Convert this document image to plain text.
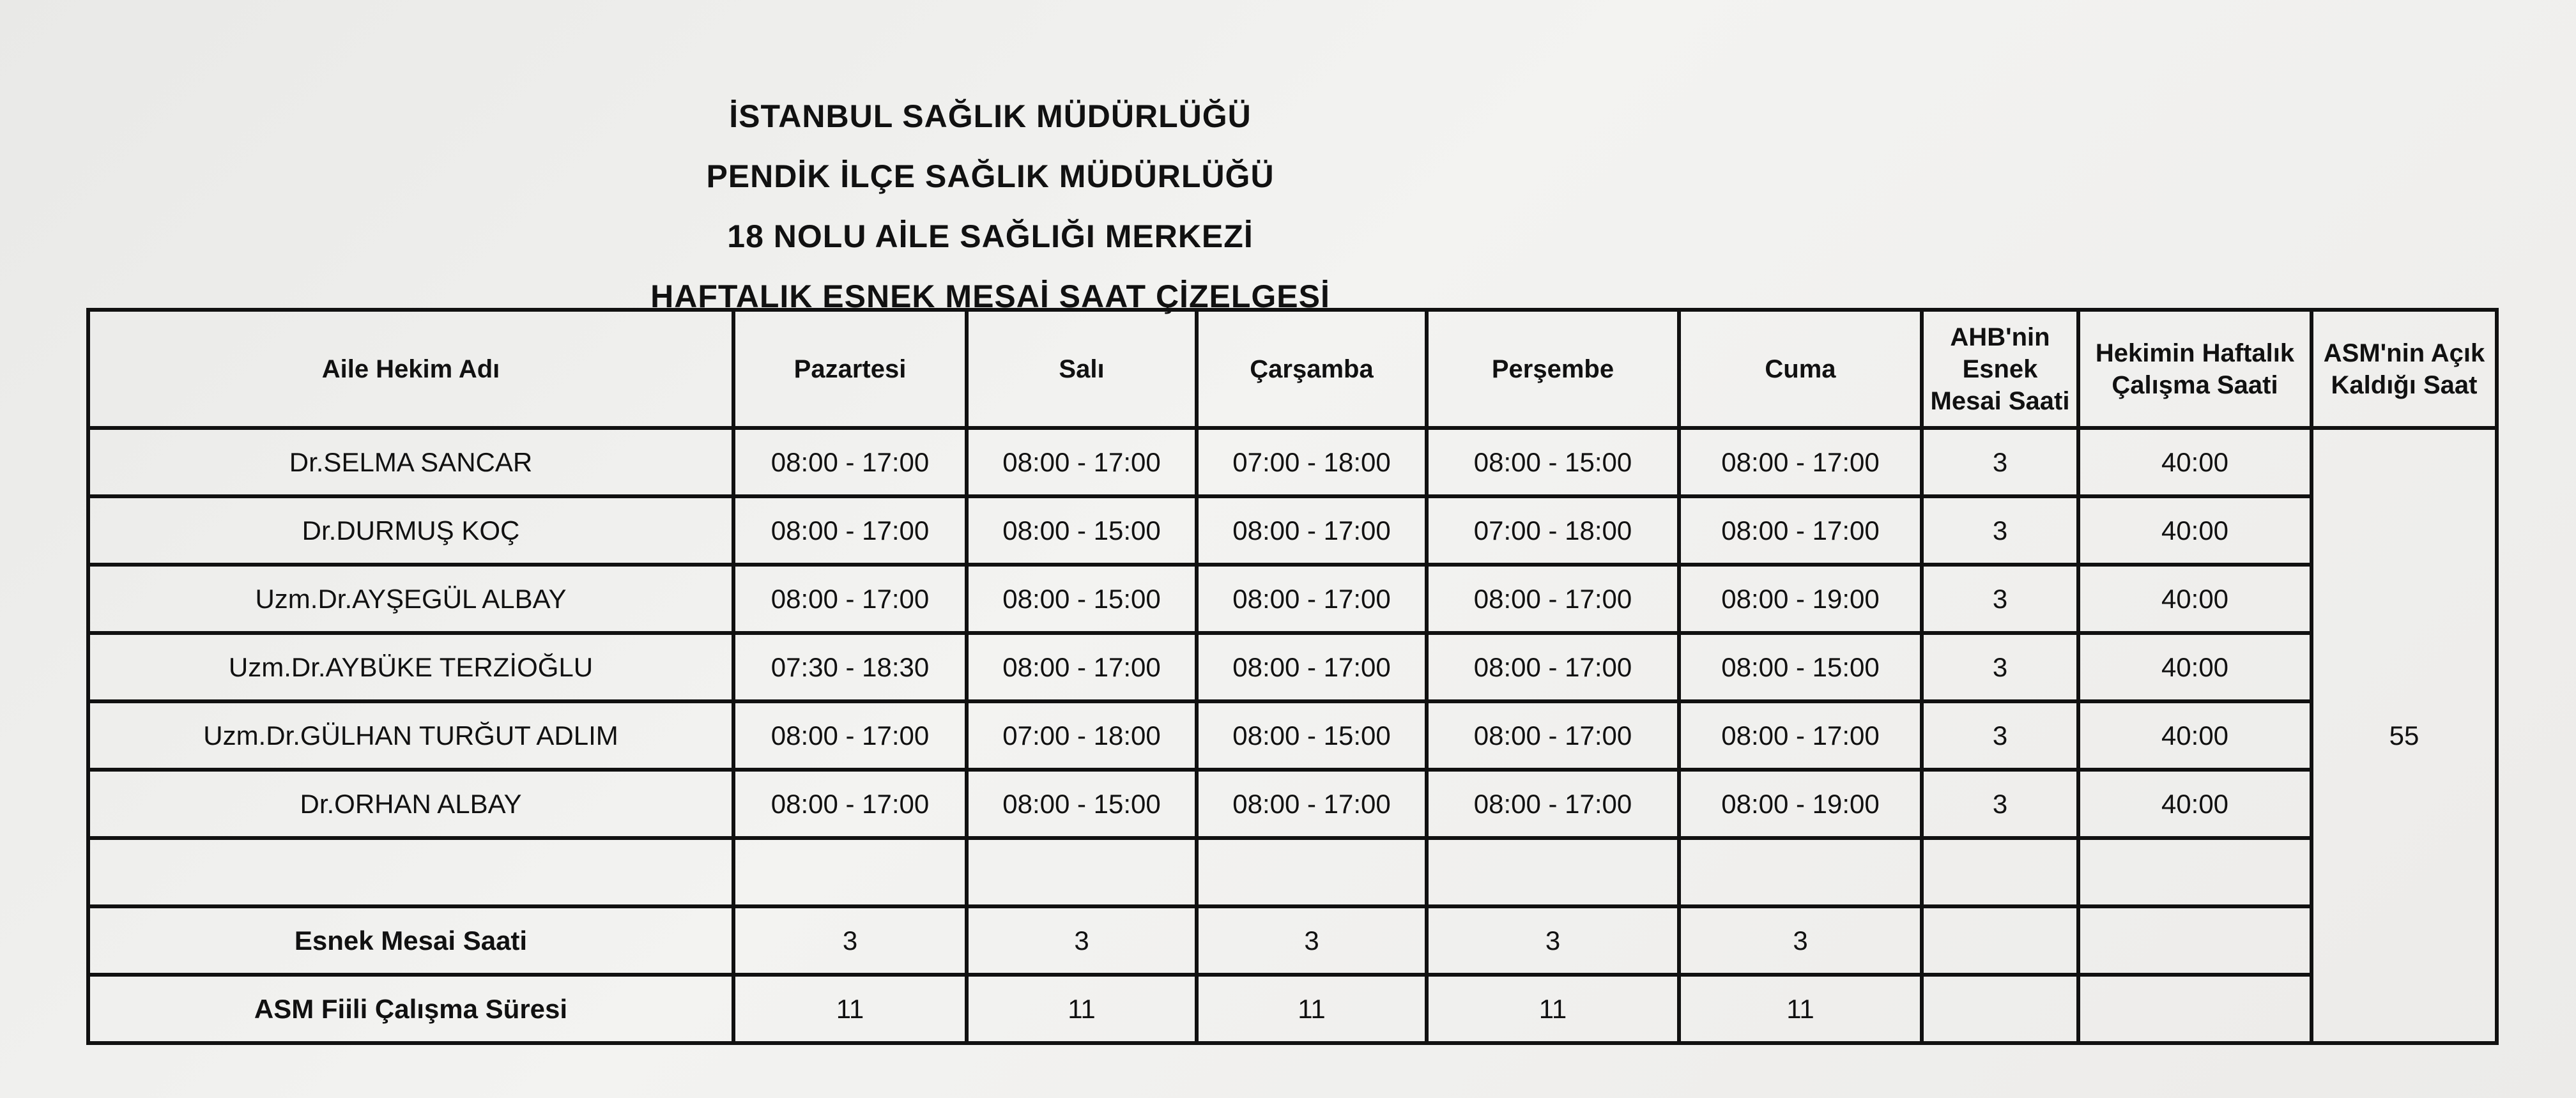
İSTANBUL SAĞLIK MÜDÜRLÜĞÜ
PENDİK İLÇE SAĞLIK MÜDÜRLÜĞÜ
18 NOLU AİLE SAĞLIĞI MERKEZİ
HAFTALIK ESNEK MESAİ SAAT ÇİZELGESİ
Aile Hekim Adı	Pazartesi	Salı	Çarşamba	Perşembe	Cuma	AHB'nin Esnek Mesai Saati	Hekimin Haftalık Çalışma Saati	ASM'nin Açık Kaldığı Saat
Dr.SELMA SANCAR	08:00 - 17:00	08:00 - 17:00	07:00 - 18:00	08:00 - 15:00	08:00 - 17:00	3	40:00	55
Dr.DURMUŞ KOÇ	08:00 - 17:00	08:00 - 15:00	08:00 - 17:00	07:00 - 18:00	08:00 - 17:00	3	40:00	
Uzm.Dr.AYŞEGÜL ALBAY	08:00 - 17:00	08:00 - 15:00	08:00 - 17:00	08:00 - 17:00	08:00 - 19:00	3	40:00	
Uzm.Dr.AYBÜKE TERZİOĞLU	07:30 - 18:30	08:00 - 17:00	08:00 - 17:00	08:00 - 17:00	08:00 - 15:00	3	40:00	
Uzm.Dr.GÜLHAN TURĞUT ADLIM	08:00 - 17:00	07:00 - 18:00	08:00 - 15:00	08:00 - 17:00	08:00 - 17:00	3	40:00	
Dr.ORHAN ALBAY	08:00 - 17:00	08:00 - 15:00	08:00 - 17:00	08:00 - 17:00	08:00 - 19:00	3	40:00	

Esnek Mesai Saati	3	3	3	3	3			
ASM Fiili Çalışma Süresi	11	11	11	11	11			
